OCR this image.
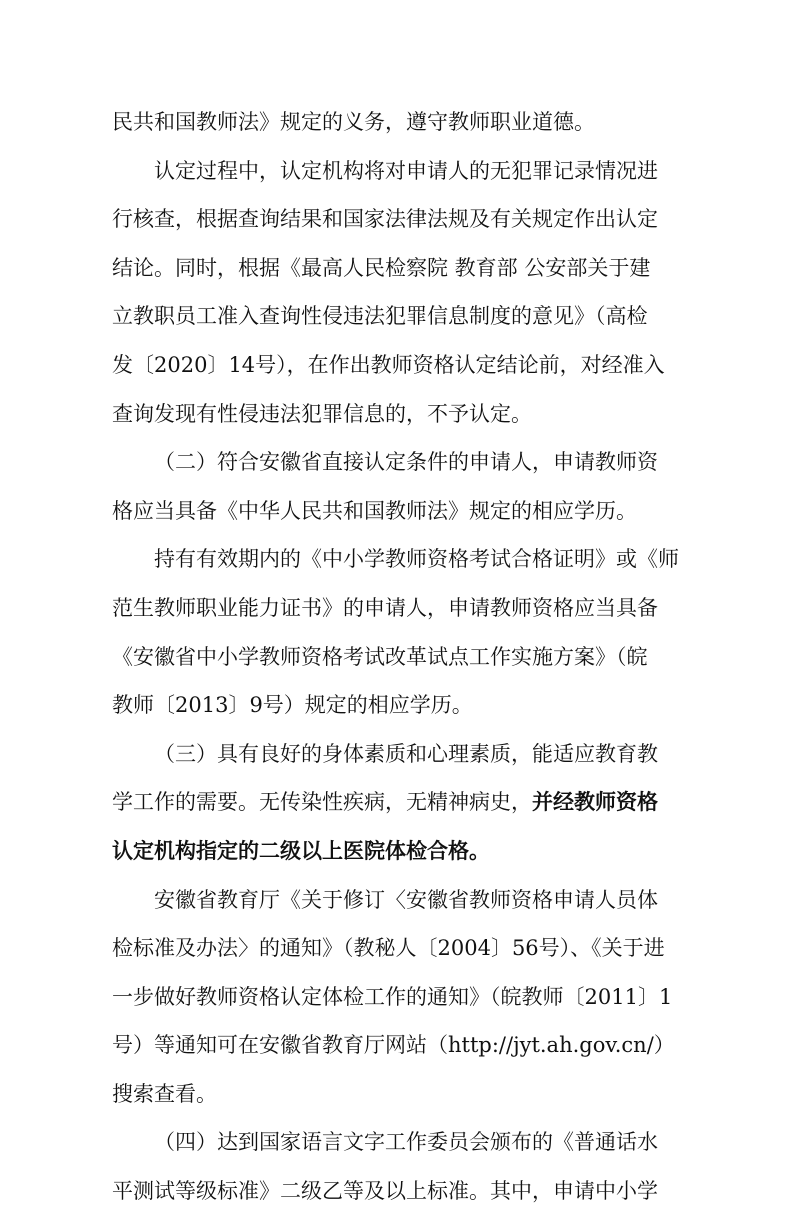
民共和国教师法》规定的义务，遵守教师职业道德。
认定过程中，认定机构将对申请人的无犯罪记录情况进
行核查，根据查询结果和国家法律法规及有关规定作出认定
结论。同时，根据《最高人民检察院 教育部 公安部关于建
立教职员工准入查询性侵违法犯罪信息制度的意见》（高检
发〔2020〕14号），在作出教师资格认定结论前，对经准入
查询发现有性侵违法犯罪信息的，不予认定。
（二）符合安徽省直接认定条件的申请人，申请教师资
格应当具备《中华人民共和国教师法》规定的相应学历。
持有有效期内的《中小学教师资格考试合格证明》或《师
范生教师职业能力证书》的申请人，申请教师资格应当具备
《安徽省中小学教师资格考试改革试点工作实施方案》（皖
教师〔2013〕9号）规定的相应学历。
（三）具有良好的身体素质和心理素质，能适应教育教
学工作的需要。无传染性疾病，无精神病史，并经教师资格
认定机构指定的二级以上医院体检合格。
安徽省教育厅《关于修订〈安徽省教师资格申请人员体
检标准及办法〉的通知》（教秘人〔2004〕56号）、《关于进
一步做好教师资格认定体检工作的通知》（皖教师〔2011〕1
号）等通知可在安徽省教育厅网站（http://jyt.ah.gov.cn/）
搜索查看。
（四）达到国家语言文字工作委员会颁布的《普通话水
平测试等级标准》二级乙等及以上标准。其中，申请中小学
